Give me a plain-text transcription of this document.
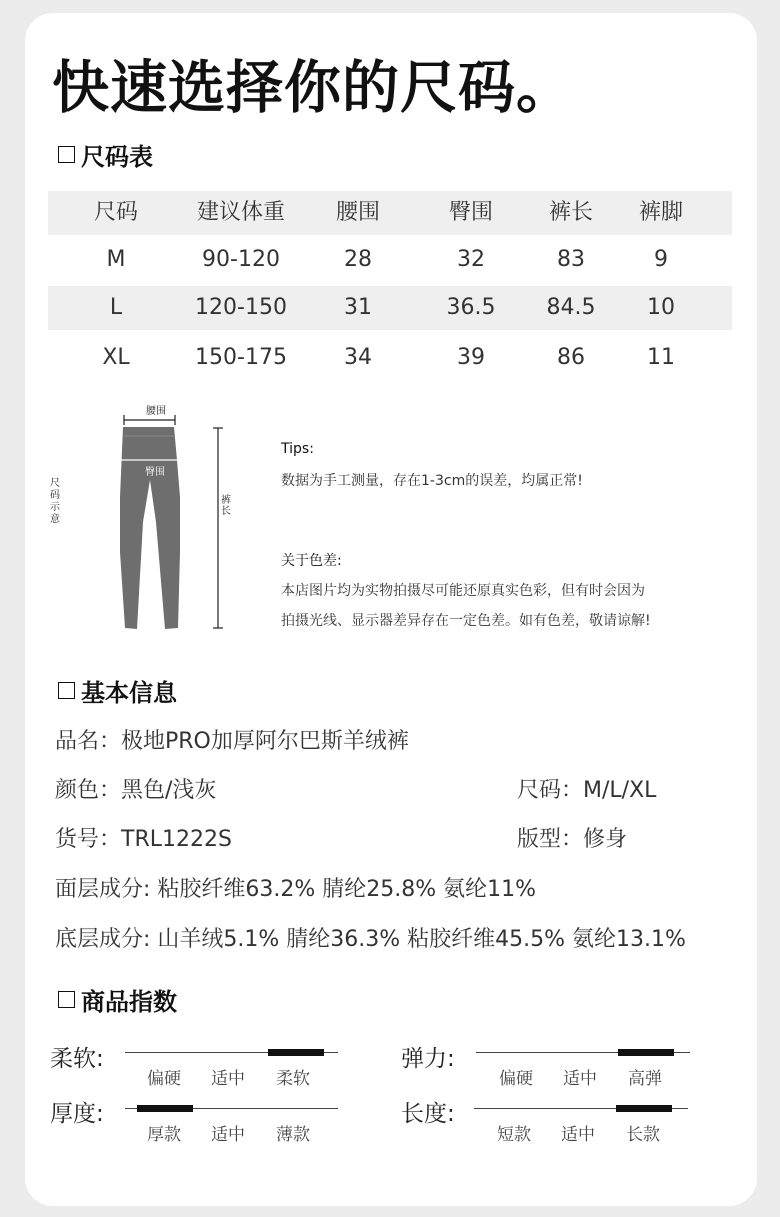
快速选择你的尺码。
尺码表
尺码	建议体重	腰围	臀围	裤长	裤脚
M	90-120	28	32	83	9
L	120-150	31	36.5	84.5	10
XL	150-175	34	39	86	11
尺码示意
腰围
裤长
臀围
Tips:
数据为手工测量，存在1-3cm的误差，均属正常!
关于色差:
本店图片均为实物拍摄尽可能还原真实色彩，但有时会因为
拍摄光线、显示器差异存在一定色差。如有色差，敬请谅解!
基本信息
品名：极地PRO加厚阿尔巴斯羊绒裤
颜色：黑色/浅灰	尺码：M/L/XL
货号：TRL1222S	版型：修身
面层成分: 粘胶纤维63.2% 腈纶25.8% 氨纶11%
底层成分: 山羊绒5.1% 腈纶36.3% 粘胶纤维45.5% 氨纶13.1%
商品指数
柔软:
偏硬 适中 柔软
弹力:
偏硬 适中 高弹
厚度:
厚款 适中 薄款
长度:
短款 适中 长款
